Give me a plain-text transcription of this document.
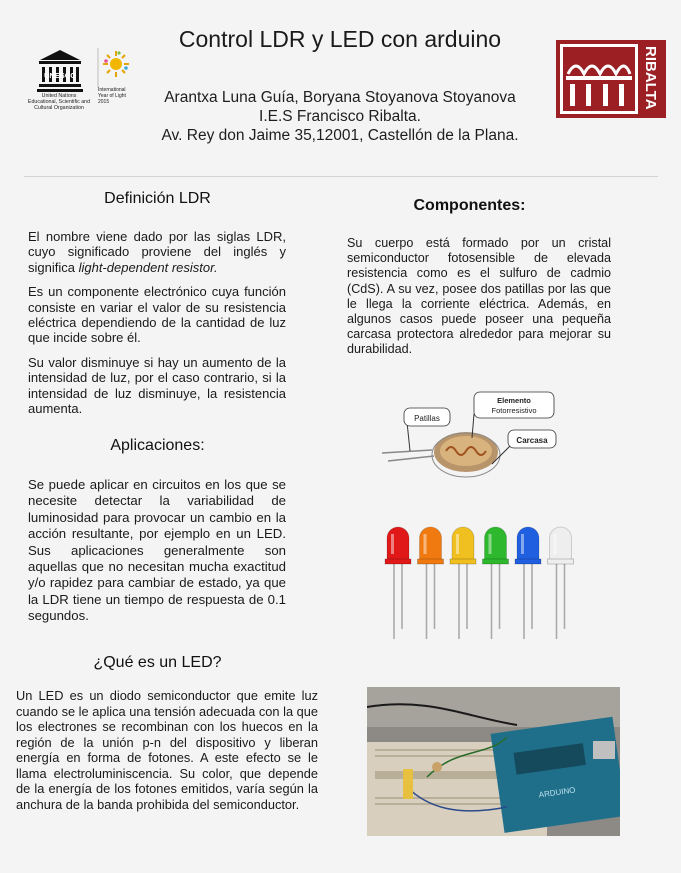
Control LDR y LED con arduino
Arantxa Luna Guía, Boryana Stoyanova Stoyanova
I.E.S Francisco Ribalta.
Av. Rey don Jaime 35,12001, Castellón de la Plana.
UNESCO
United Nations
Educational, Scientific and
Cultural Organization
International
Year of Light
2015	RIBALTA
Definición LDR

El nombre viene dado por las siglas LDR, cuyo significado proviene del inglés y significa light-dependent resistor.

Es un componente electrónico cuya función consiste en variar el valor de su resistencia eléctrica dependiendo de la cantidad de luz que incide sobre él.

Su valor disminuye si hay un aumento de la intensidad de luz, por el caso contrario, si la intensidad de luz disminuye, la resistencia aumenta.

Aplicaciones:

Se puede aplicar en circuitos en los que se necesite detectar la variabilidad de luminosidad para provocar un cambio en la acción resultante, por ejemplo en un LED. Sus aplicaciones generalmente son aquellas que no necesitan mucha exactitud y/o rapidez para cambiar de estado, ya que la LDR tiene un tiempo de respuesta de 0.1 segundos.

¿Qué es un LED?

Un LED es un diodo semiconductor que emite luz cuando se le aplica una tensión adecuada con la que los electrones se recombinan con los huecos en la región de la unión p-n del dispositivo y liberan energía en forma de fotones. A este efecto se le llama electroluminiscencia. Su color, que depende de la energía de los fotones emitidos, varía según la anchura de la banda prohibida del semiconductor.

Componentes:

Su cuerpo está formado por un cristal semiconductor fotosensible de elevada resistencia como es el sulfuro de cadmio (CdS). A su vez, posee dos patillas por las que le llega la corriente eléctrica. Además, en algunos casos puede poseer una pequeña carcasa protectora alrededor para mejorar su durabilidad.

Patillas
Elemento
Fotorresistivo
Carcasa
ARDUINO
